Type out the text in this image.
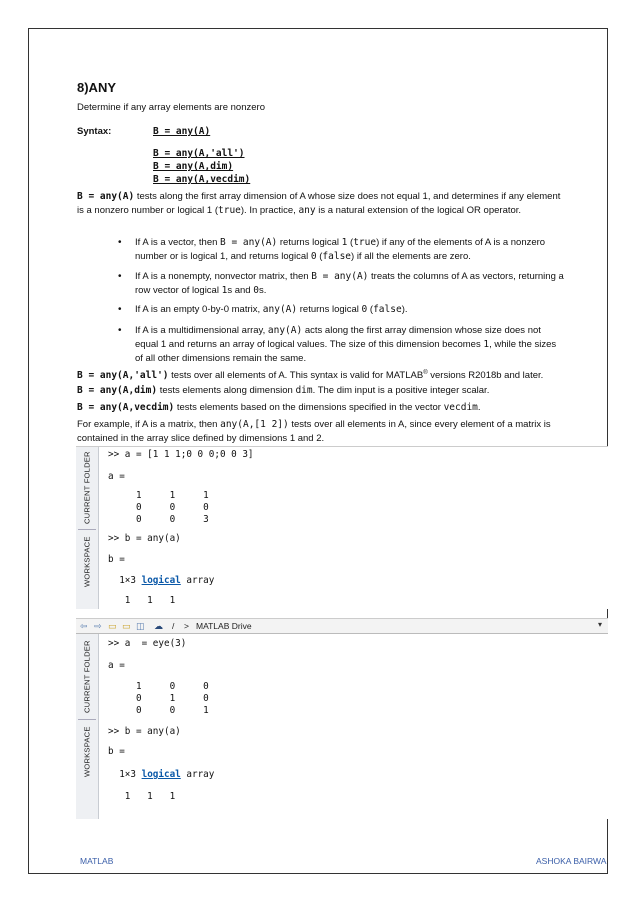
8)ANY
Determine if any array elements are nonzero
Syntax:	B = any(A)
B = any(A,'all')
B = any(A,dim)
B = any(A,vecdim)
B = any(A) tests along the first array dimension of A whose size does not equal 1, and determines if any element is a nonzero number or logical 1 (true). In practice, any is a natural extension of the logical OR operator.
• If A is a vector, then B = any(A) returns logical 1 (true) if any of the elements of A is a nonzero number or is logical 1, and returns logical 0 (false) if all the elements are zero.
• If A is a nonempty, nonvector matrix, then B = any(A) treats the columns of A as vectors, returning a row vector of logical 1s and 0s.
• If A is an empty 0-by-0 matrix, any(A) returns logical 0 (false).
• If A is a multidimensional array, any(A) acts along the first array dimension whose size does not equal 1 and returns an array of logical values. The size of this dimension becomes 1, while the sizes of all other dimensions remain the same.
B = any(A,'all') tests over all elements of A. This syntax is valid for MATLAB® versions R2018b and later.
B = any(A,dim) tests elements along dimension dim. The dim input is a positive integer scalar.
B = any(A,vecdim) tests elements based on the dimensions specified in the vector vecdim.
For example, if A is a matrix, then any(A,[1 2]) tests over all elements in A, since every element of a matrix is contained in the array slice defined by dimensions 1 and 2.
CURRENT FOLDER
WORKSPACE
>> a = [1 1 1;0 0 0;0 0 3]
a =
1     1     1
0     0     0
0     0     3
>> b = any(a)
b =
1×3 logical array
1   1   1
⇦ ⇨ ▭ ▭ ◫ ☁ / > MATLAB Drive	▾
CURRENT FOLDER
WORKSPACE
>> a  = eye(3)
a =
1     0     0
0     1     0
0     0     1
>> b = any(a)
b =
1×3 logical array
1   1   1
MATLAB	ASHOKA BAIRWA
